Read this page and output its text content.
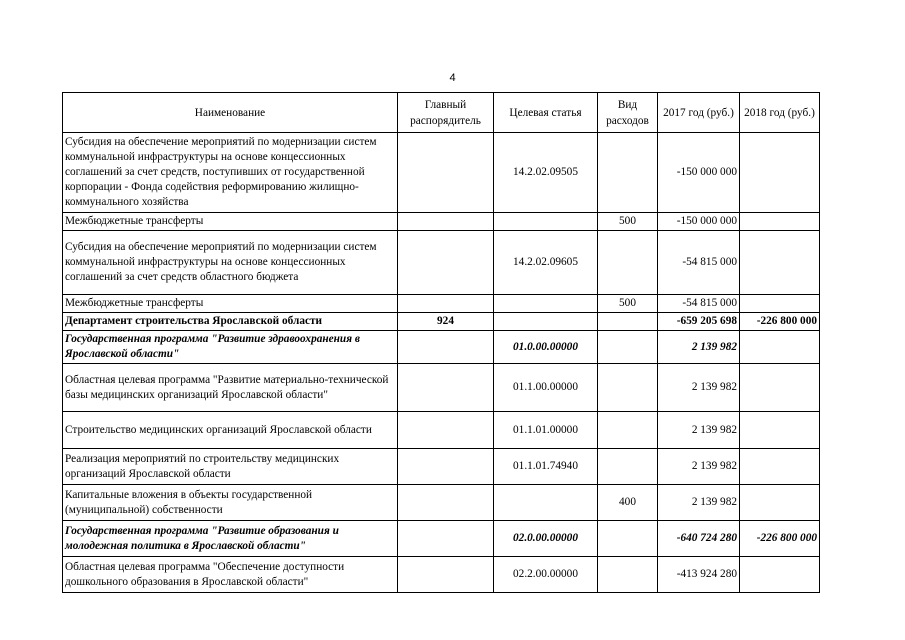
4
Наименование	Главный распорядитель	Целевая статья	Вид расходов	2017 год (руб.)	2018 год (руб.)
Субсидия на обеспечение мероприятий по модернизации систем коммунальной инфраструктуры на основе концессионных соглашений за счет средств, поступивших от государственной корпорации - Фонда содействия реформированию жилищно-коммунального хозяйства		14.2.02.09505		-150 000 000	
Межбюджетные трансферты			500	-150 000 000	
Субсидия на обеспечение мероприятий по модернизации систем коммунальной инфраструктуры на основе концессионных соглашений за счет средств областного бюджета		14.2.02.09605		-54 815 000	
Межбюджетные трансферты			500	-54 815 000	
Департамент строительства Ярославской области	924			-659 205 698	-226 800 000
Государственная программа "Развитие здравоохранения в Ярославской области"		01.0.00.00000		2 139 982	
Областная целевая программа "Развитие материально-технической базы медицинских организаций Ярославской области"		01.1.00.00000		2 139 982	
Строительство медицинских организаций Ярославской области		01.1.01.00000		2 139 982	
Реализация мероприятий по строительству медицинских организаций Ярославской области		01.1.01.74940		2 139 982	
Капитальные вложения в объекты государственной (муниципальной) собственности			400	2 139 982	
Государственная программа "Развитие образования и молодежная политика в Ярославской области"		02.0.00.00000		-640 724 280	-226 800 000
Областная целевая программа "Обеспечение доступности дошкольного образования в Ярославской области"		02.2.00.00000		-413 924 280	
